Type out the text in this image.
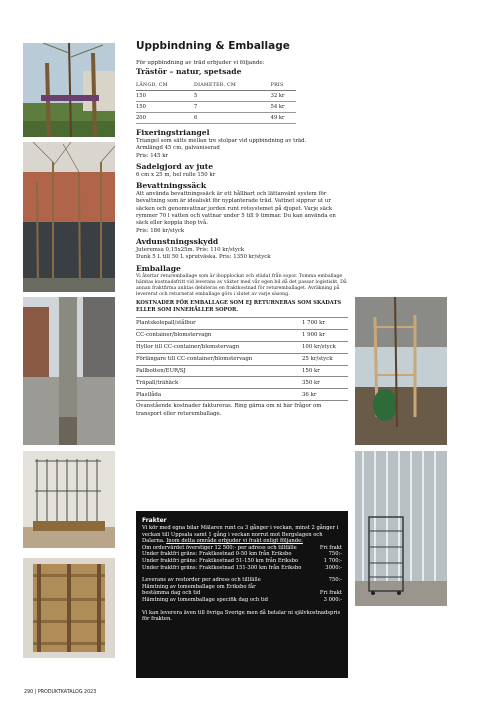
Uppbindning & Emballage

För uppbindning av träd erbjuder vi följande:

Trästör – natur, spetsade
LÄNGD, CM	DIAMETER, CM	PRIS
150	5	32 kr
150	7	54 kr
200	6	49 kr
Fixeringstriangel

Triangel som sätts mellan tre stolpar vid uppbindning av träd.

Armlängd 45 cm, galvaniserad

Pris: 145 kr

Sadelgjord av jute

6 cm x 25 m, hel rulle 150 kr

Bevattningssäck

Att använda bevattningssäck är ett hållbart och lättanvänt system för bevattning som är idealiskt för nyplanterade träd. Vattnet sipprar ut ur säcken och genomvattnar jorden runt rotsystemet på djupet. Varje säck rymmer 70 l vatten och vattnar under 5 till 9 timmar. Du kan använda en säck eller koppla ihop två.

Pris: 186 kr/styck

Avdunstningsskydd

Juteremsa 0,15x25m. Pris: 110 kr/styck

Dunk 5 L till 50 L sprutväska. Pris: 1350 kr/styck

Emballage

Vi återtar returemballage som är ihopplockat och städat från sopor. Tomma emballage hämtas kostnadsfritt vid leverans av växter med vår egen bil då det passar logistiskt. Då annan fraktfirma anlitas debiteras en fraktkostnad för returemballaget. Avräkning på levererat och returnerat emballage görs i slutet av varje säsong.

KOSTNADER FÖR EMBALLAGE SOM EJ RETURNERAS SOM SKADATS ELLER SOM INNEHÅLLER SOPOR.

Plantskolepall/stålbur	1 700 kr
CC-container/blomstervagn	1 900 kr
Hyllor till CC-container/blomstervagn	100 kr/styck
Förlängare till CC-container/blomstervagn	25 kr/styck
Pallbotten/EUR/SJ	150 kr
Träpall/trähäck	350 kr
Plastlåda	36 kr

Ovanstående kostnader faktureras. Ring gärna om ni har frågor om transport eller returemballage.

Frakter

Vi kör med egna bilar Mälaren runt ca 3 gånger i veckan, minst 2 gånger i veckan till Uppsala samt 1 gång i veckan norrut mot Bergslagen och Dalarna. Inom detta område erbjuder vi frakt enligt följande:

Om ordervärdet överstiger 12 500:- per adress och tillfälle	Fri frakt
Under fraktfri gräns: Fraktkostnad 0-50 km från Eriksbo	750:-
Under fraktfri gräns: Fraktkostnad 51-150 km från Eriksbo	1 700:-
Under fraktfri gräns: Fraktkostnad 151-300 km från Eriksbo	3000:-
Leverans av restorder per adress och tillfälle	750:-
Hämtning av tomemballage om Eriksbo får
bestämma dag och tid	Fri frakt
Hämtning av tomemballage specifik dag och tid	3 000:-

Vi kan leverera även till övriga Sverige men då betalar ni självkostnadspris för frakten.

290 | PRODUKTKATALOG 2023
